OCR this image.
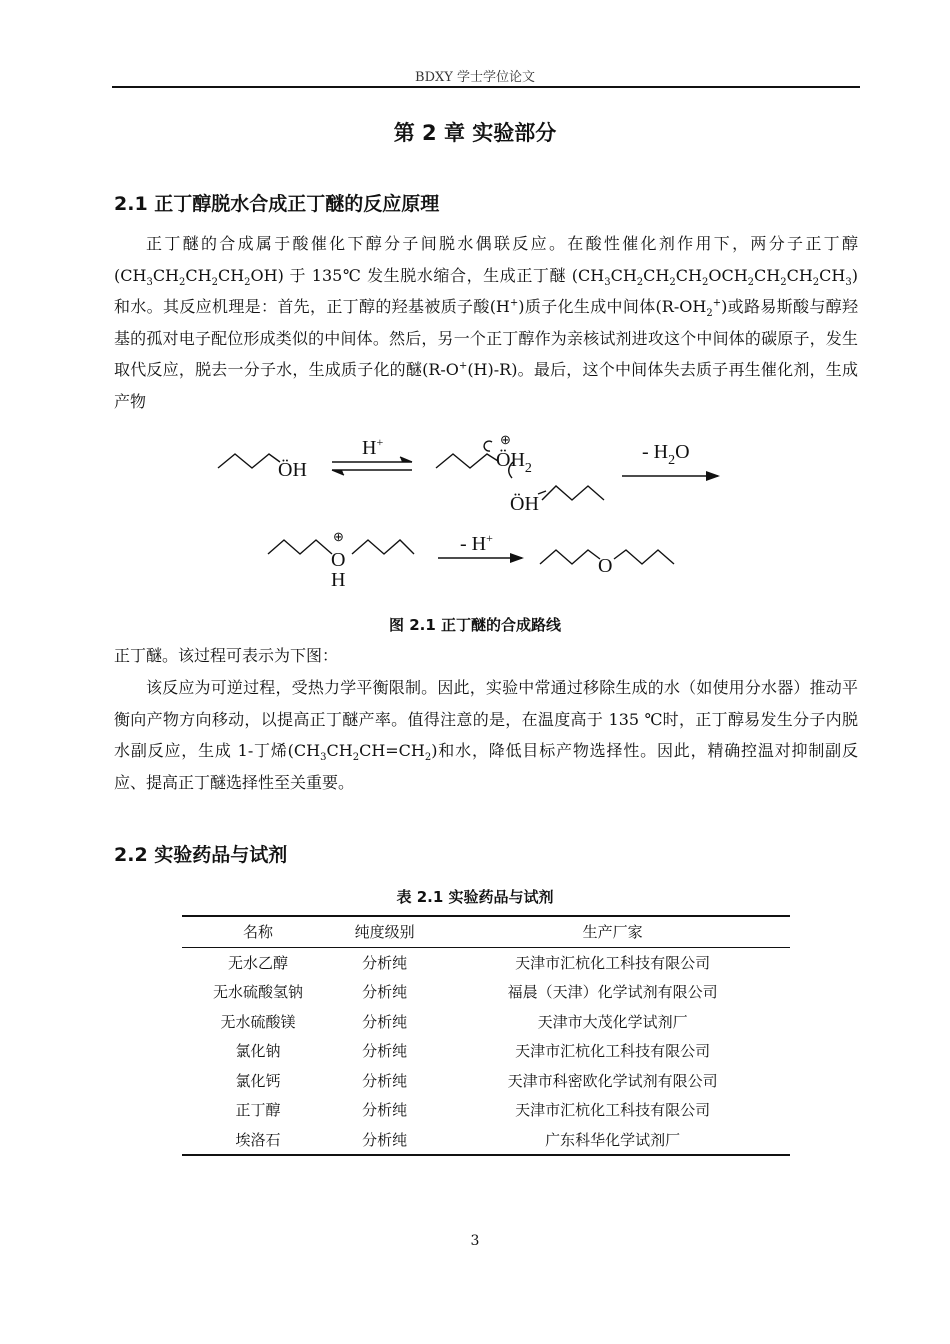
BDXY 学士学位论文
第 2 章 实验部分
2.1 正丁醇脱水合成正丁醚的反应原理

正丁醚的合成属于酸催化下醇分子间脱水偶联反应。在酸性催化剂作用下，两分子正丁醇 $(CH_3CH_2CH_2CH_2OH)$ 于 135℃ 发生脱水缩合，生成正丁醚 $(CH_3CH_2CH_2CH_2OCH_2CH_2CH_2CH_3)$和水。其反应机理是：首先，正丁醇的羟基被质子酸(H+)质子化生成中间体$(R-OH_2^+)$或路易斯酸与醇羟基的孤对电子配位形成类似的中间体。然后，另一个正丁醇作为亲核试剂进攻这个中间体的碳原子，发生取代反应，脱去一分子水，生成质子化的醚(R-O+(H)-R)。最后，这个中间体失去质子再生催化剂，生成产物

ÖH
H+	⊕
$ÖH_2$
ÖH
- $H_2O$
⊕
O
H
- H+
O
图 2.1 正丁醚的合成路线
正丁醚。该过程可表示为下图：

该反应为可逆过程，受热力学平衡限制。因此，实验中常通过移除生成的水（如使用分水器）推动平衡向产物方向移动，以提高正丁醚产率。值得注意的是，在温度高于 135 ℃时，正丁醇易发生分子内脱水副反应，生成 1-丁烯$(CH_3CH_2CH=CH_2)$和水，降低目标产物选择性。因此，精确控温对抑制副反应、提高正丁醚选择性至关重要。

2.2 实验药品与试剂
表 2.1 实验药品与试剂
名称	纯度级别	生产厂家
无水乙醇	分析纯	天津市汇杭化工科技有限公司
无水硫酸氢钠	分析纯	福晨（天津）化学试剂有限公司
无水硫酸镁	分析纯	天津市大茂化学试剂厂
氯化钠	分析纯	天津市汇杭化工科技有限公司
氯化钙	分析纯	天津市科密欧化学试剂有限公司
正丁醇	分析纯	天津市汇杭化工科技有限公司
埃洛石	分析纯	广东科华化学试剂厂
3
